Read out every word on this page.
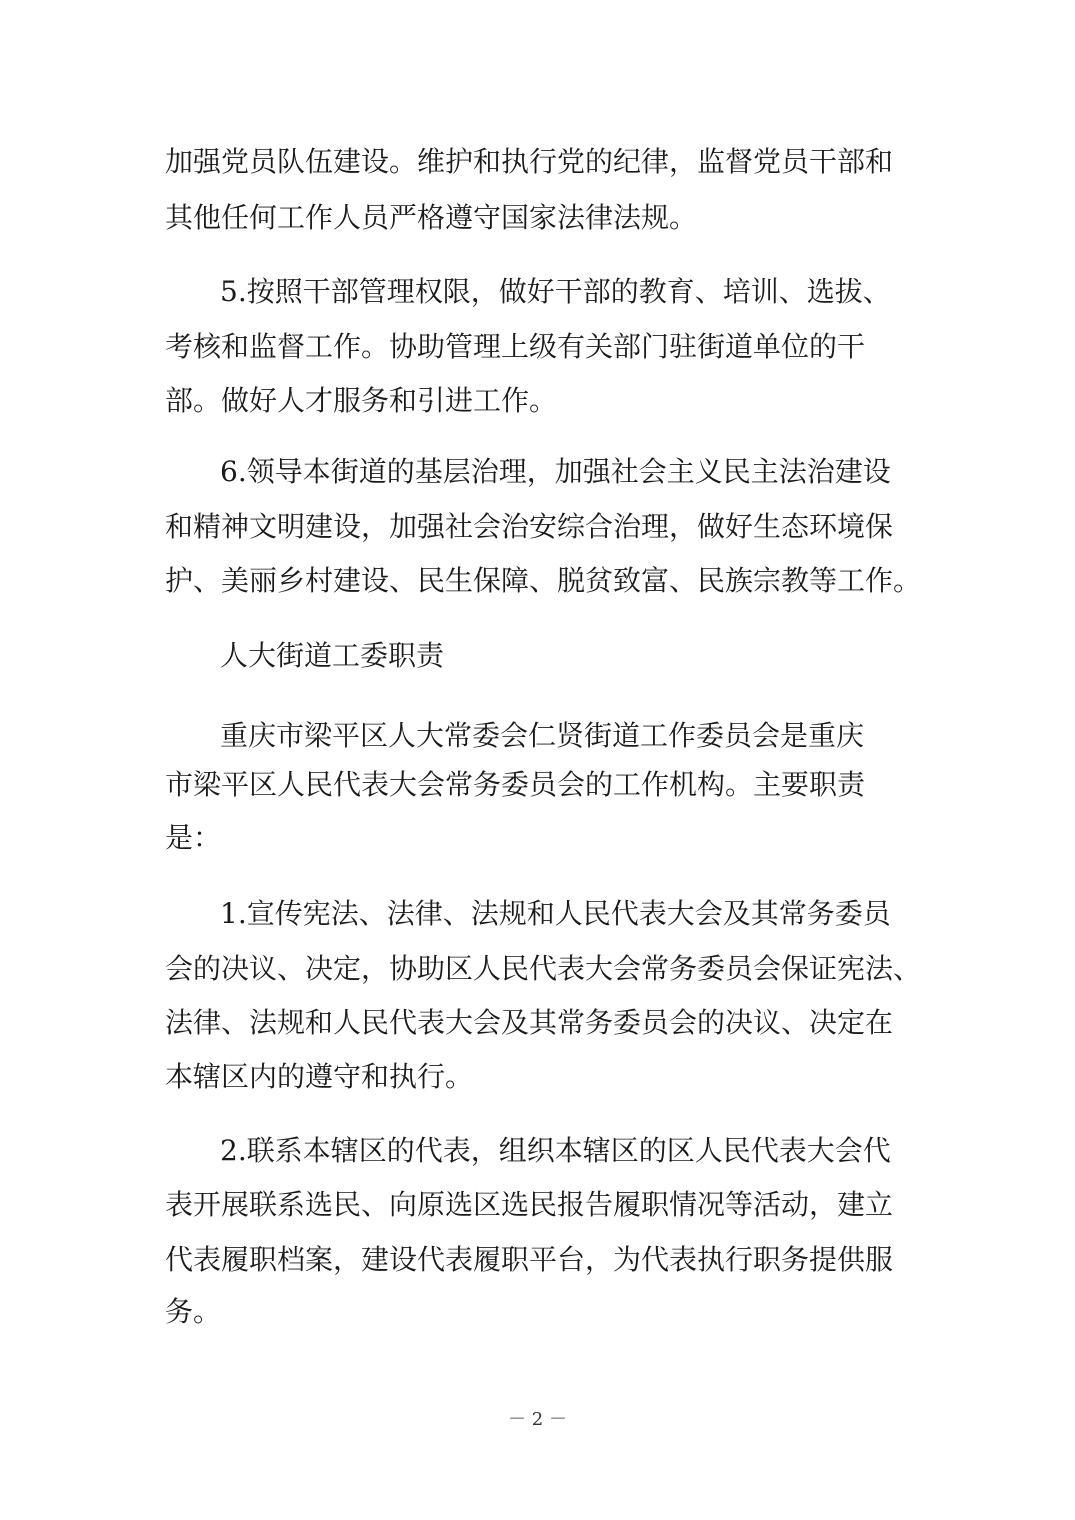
加强党员队伍建设。维护和执行党的纪律，监督党员干部和
其他任何工作人员严格遵守国家法律法规。
5.按照干部管理权限，做好干部的教育、培训、选拔、
考核和监督工作。协助管理上级有关部门驻街道单位的干
部。做好人才服务和引进工作。
6.领导本街道的基层治理，加强社会主义民主法治建设
和精神文明建设，加强社会治安综合治理，做好生态环境保
护、美丽乡村建设、民生保障、脱贫致富、民族宗教等工作。
人大街道工委职责
重庆市梁平区人大常委会仁贤街道工作委员会是重庆
市梁平区人民代表大会常务委员会的工作机构。主要职责
是：
1.宣传宪法、法律、法规和人民代表大会及其常务委员
会的决议、决定，协助区人民代表大会常务委员会保证宪法、
法律、法规和人民代表大会及其常务委员会的决议、决定在
本辖区内的遵守和执行。
2.联系本辖区的代表，组织本辖区的区人民代表大会代
表开展联系选民、向原选区选民报告履职情况等活动，建立
代表履职档案，建设代表履职平台，为代表执行职务提供服
务。
－ 2 －
